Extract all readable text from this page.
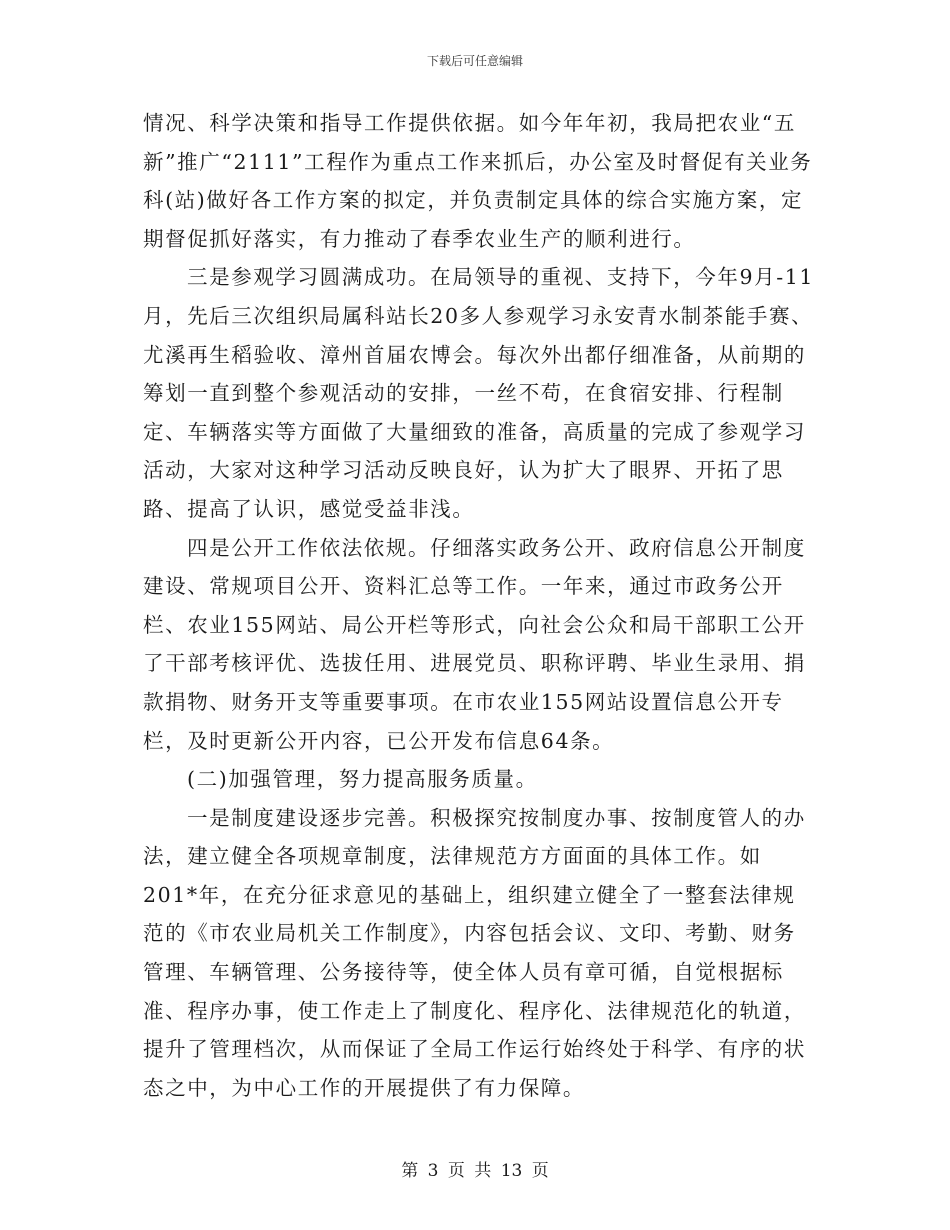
下载后可任意编辑

情况、科学决策和指导工作提供依据。如今年年初，我局把农业“五新”推广“2111”工程作为重点工作来抓后，办公室及时督促有关业务科(站)做好各工作方案的拟定，并负责制定具体的综合实施方案，定期督促抓好落实，有力推动了春季农业生产的顺利进行。

三是参观学习圆满成功。在局领导的重视、支持下，今年9月-11月，先后三次组织局属科站长20多人参观学习永安青水制茶能手赛、尤溪再生稻验收、漳州首届农博会。每次外出都仔细准备，从前期的筹划一直到整个参观活动的安排，一丝不苟，在食宿安排、行程制定、车辆落实等方面做了大量细致的准备，高质量的完成了参观学习活动，大家对这种学习活动反映良好，认为扩大了眼界、开拓了思路、提高了认识，感觉受益非浅。

四是公开工作依法依规。仔细落实政务公开、政府信息公开制度建设、常规项目公开、资料汇总等工作。一年来，通过市政务公开栏、农业155网站、局公开栏等形式，向社会公众和局干部职工公开了干部考核评优、选拔任用、进展党员、职称评聘、毕业生录用、捐款捐物、财务开支等重要事项。在市农业155网站设置信息公开专栏，及时更新公开内容，已公开发布信息64条。

(二)加强管理，努力提高服务质量。

一是制度建设逐步完善。积极探究按制度办事、按制度管人的办法，建立健全各项规章制度，法律规范方方面面的具体工作。如201*年，在充分征求意见的基础上，组织建立健全了一整套法律规范的《市农业局机关工作制度》，内容包括会议、文印、考勤、财务管理、车辆管理、公务接待等，使全体人员有章可循，自觉根据标准、程序办事，使工作走上了制度化、程序化、法律规范化的轨道，提升了管理档次，从而保证了全局工作运行始终处于科学、有序的状态之中，为中心工作的开展提供了有力保障。

第 3 页 共 13 页
